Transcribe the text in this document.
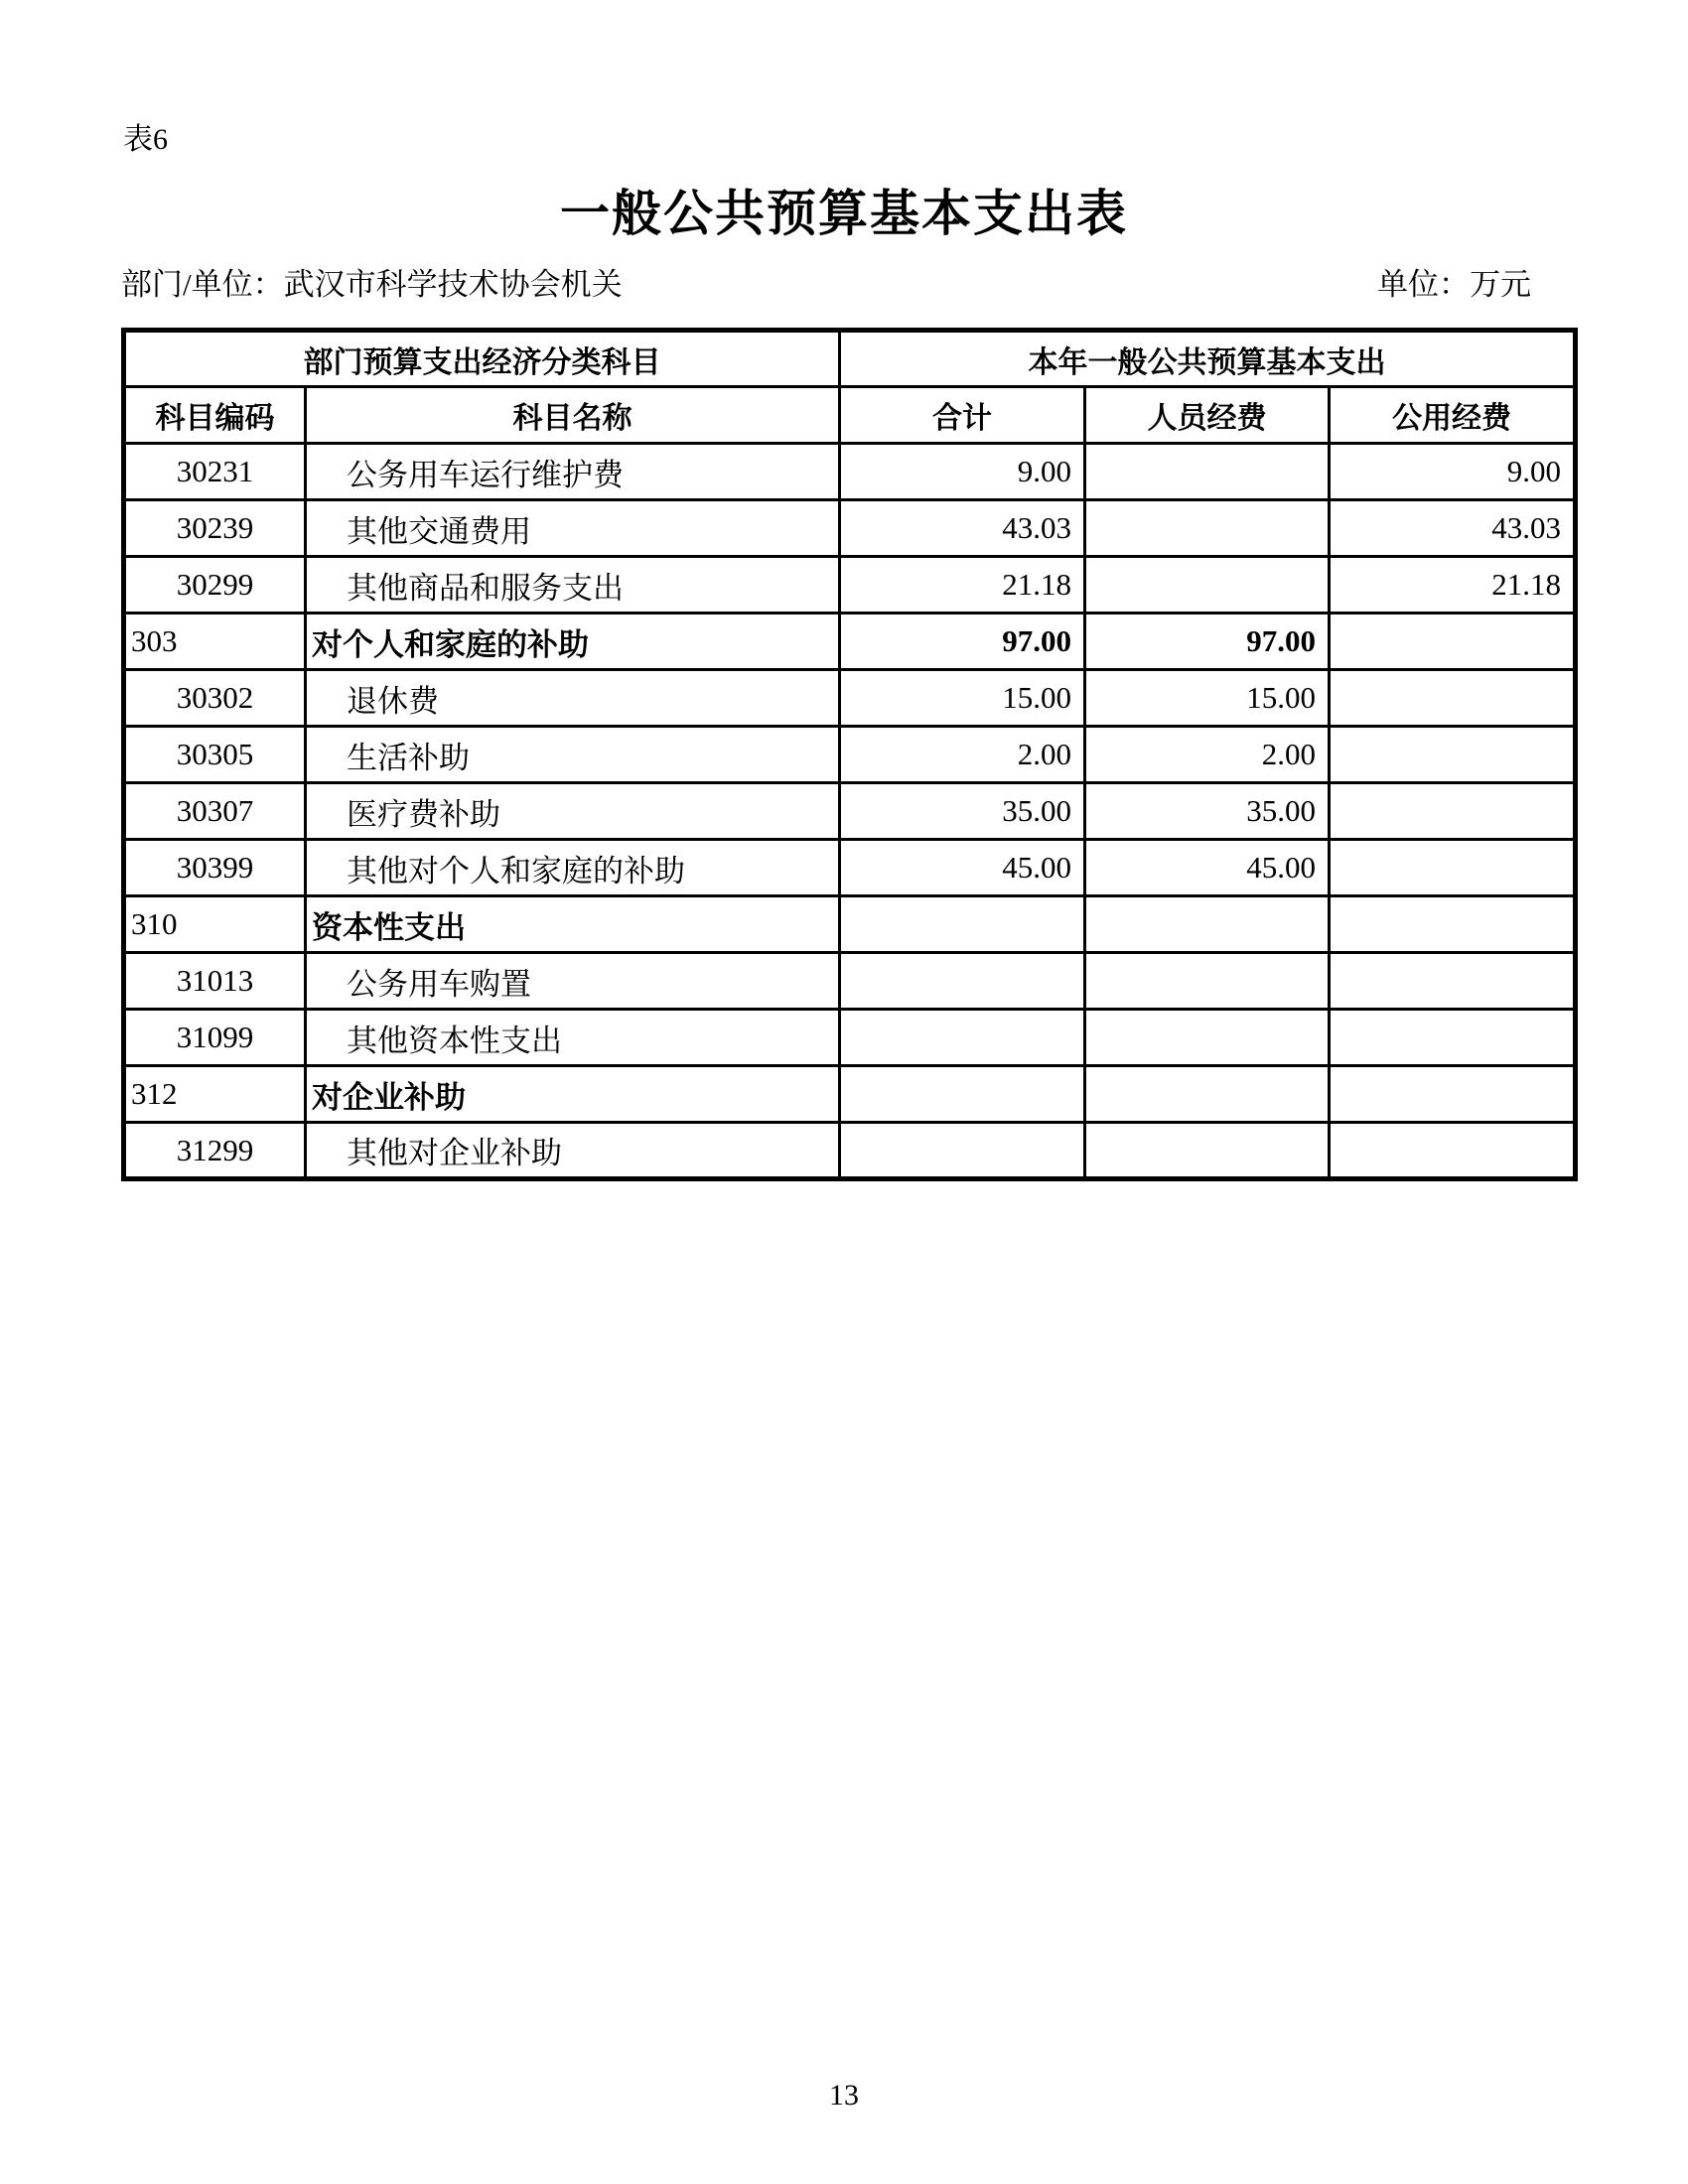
表6
一般公共预算基本支出表
部门/单位：武汉市科学技术协会机关	单位：万元
部门预算支出经济分类科目		本年一般公共预算基本支出		
科目编码	科目名称	合计	人员经费	公用经费
30231	公务用车运行维护费	9.00		9.00
30239	其他交通费用	43.03		43.03
30299	其他商品和服务支出	21.18		21.18
303	对个人和家庭的补助	97.00	97.00	
30302	退休费	15.00	15.00	
30305	生活补助	2.00	2.00	
30307	医疗费补助	35.00	35.00	
30399	其他对个人和家庭的补助	45.00	45.00	
310	资本性支出			
31013	公务用车购置			
31099	其他资本性支出			
312	对企业补助			
31299	其他对企业补助			
13
